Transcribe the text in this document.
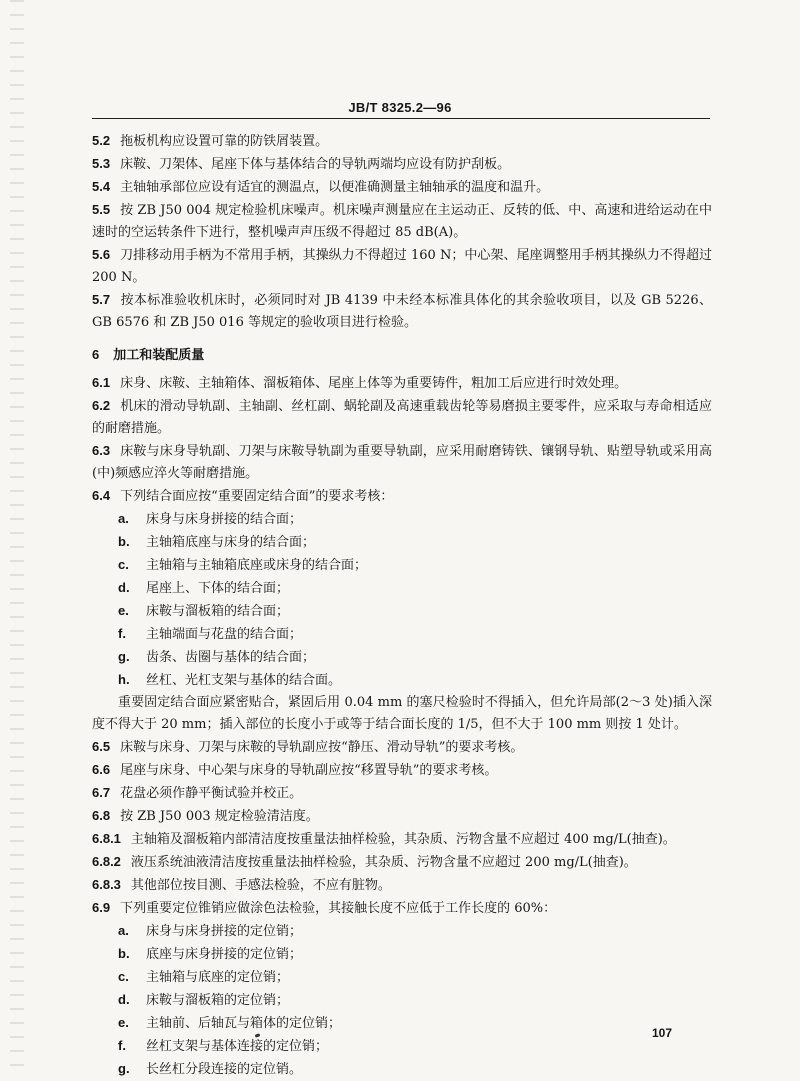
JB/T 8325.2—96

5.2 拖板机构应设置可靠的防铁屑装置。

5.3 床鞍、刀架体、尾座下体与基体结合的导轨两端均应设有防护刮板。

5.4 主轴轴承部位应设有适宜的测温点，以便准确测量主轴轴承的温度和温升。

5.5 按 ZB J50 004 规定检验机床噪声。机床噪声测量应在主运动正、反转的低、中、高速和进给运动在中速时的空运转条件下进行，整机噪声声压级不得超过 85 dB(A)。

5.6 刀排移动用手柄为不常用手柄，其操纵力不得超过 160 N；中心架、尾座调整用手柄其操纵力不得超过 200 N。

5.7 按本标准验收机床时，必须同时对 JB 4139 中未经本标准具体化的其余验收项目，以及 GB 5226、GB 6576 和 ZB J50 016 等规定的验收项目进行检验。

6 加工和装配质量

6.1 床身、床鞍、主轴箱体、溜板箱体、尾座上体等为重要铸件，粗加工后应进行时效处理。

6.2 机床的滑动导轨副、主轴副、丝杠副、蜗轮副及高速重载齿轮等易磨损主要零件，应采取与寿命相适应的耐磨措施。

6.3 床鞍与床身导轨副、刀架与床鞍导轨副为重要导轨副，应采用耐磨铸铁、镶钢导轨、贴塑导轨或采用高(中)频感应淬火等耐磨措施。

6.4 下列结合面应按“重要固定结合面”的要求考核：

a. 床身与床身拼接的结合面；

b. 主轴箱底座与床身的结合面；

c. 主轴箱与主轴箱底座或床身的结合面；

d. 尾座上、下体的结合面；

e. 床鞍与溜板箱的结合面；

f. 主轴端面与花盘的结合面；

g. 齿条、齿圈与基体的结合面；

h. 丝杠、光杠支架与基体的结合面。

重要固定结合面应紧密贴合，紧固后用 0.04 mm 的塞尺检验时不得插入，但允许局部(2～3 处)插入深度不得大于 20 mm；插入部位的长度小于或等于结合面长度的 1/5，但不大于 100 mm 则按 1 处计。

6.5 床鞍与床身、刀架与床鞍的导轨副应按“静压、滑动导轨”的要求考核。

6.6 尾座与床身、中心架与床身的导轨副应按“移置导轨”的要求考核。

6.7 花盘必须作静平衡试验并校正。

6.8 按 ZB J50 003 规定检验清洁度。

6.8.1 主轴箱及溜板箱内部清洁度按重量法抽样检验，其杂质、污物含量不应超过 400 mg/L(抽查)。

6.8.2 液压系统油液清洁度按重量法抽样检验，其杂质、污物含量不应超过 200 mg/L(抽查)。

6.8.3 其他部位按目测、手感法检验，不应有脏物。

6.9 下列重要定位锥销应做涂色法检验，其接触长度不应低于工作长度的 60%：

a. 床身与床身拼接的定位销；

b. 底座与床身拼接的定位销；

c. 主轴箱与底座的定位销；

d. 床鞍与溜板箱的定位销；

e. 主轴前、后轴瓦与箱体的定位销；

f. 丝杠支架与基体连接的定位销；

g. 长丝杠分段连接的定位销。

107
